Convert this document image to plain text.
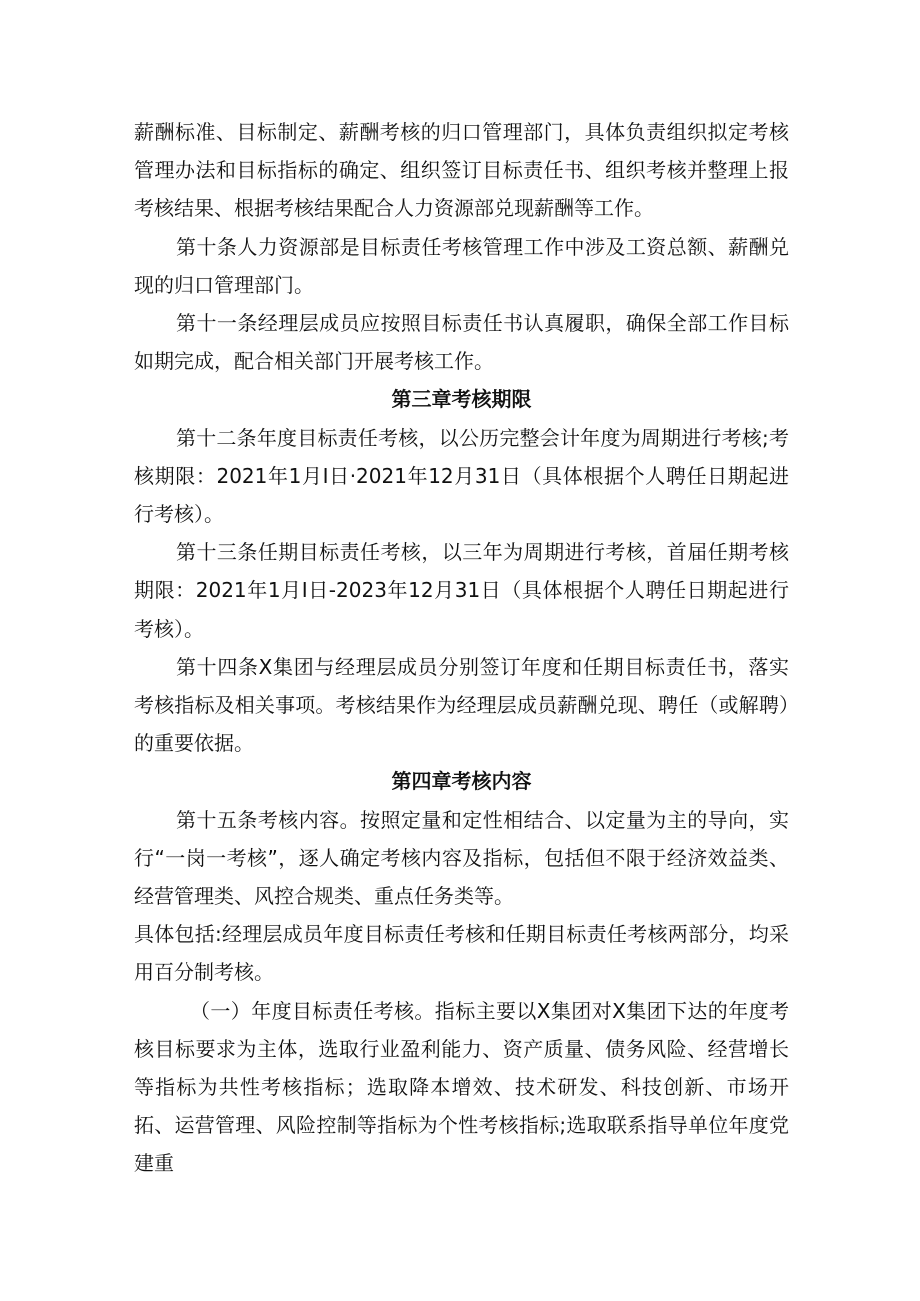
薪酬标准、目标制定、薪酬考核的归口管理部门，具体负责组织拟定考核管理办法和目标指标的确定、组织签订目标责任书、组织考核并整理上报考核结果、根据考核结果配合人力资源部兑现薪酬等工作。

第十条人力资源部是目标责任考核管理工作中涉及工资总额、薪酬兑现的归口管理部门。

第十一条经理层成员应按照目标责任书认真履职，确保全部工作目标如期完成，配合相关部门开展考核工作。

第三章考核期限

第十二条年度目标责任考核，以公历完整会计年度为周期进行考核;考核期限：2021年1月I日·2021年12月31日（具体根据个人聘任日期起进行考核）。

第十三条任期目标责任考核，以三年为周期进行考核，首届任期考核期限：2021年1月I日-2023年12月31日（具体根据个人聘任日期起进行考核）。

第十四条X集团与经理层成员分别签订年度和任期目标责任书，落实考核指标及相关事项。考核结果作为经理层成员薪酬兑现、聘任（或解聘）的重要依据。

第四章考核内容

第十五条考核内容。按照定量和定性相结合、以定量为主的导向，实行“一岗一考核”，逐人确定考核内容及指标，包括但不限于经济效益类、经营管理类、风控合规类、重点任务类等。

具体包括:经理层成员年度目标责任考核和任期目标责任考核两部分，均采用百分制考核。

（一）年度目标责任考核。指标主要以X集团对X集团下达的年度考核目标要求为主体，选取行业盈利能力、资产质量、债务风险、经营增长等指标为共性考核指标；选取降本增效、技术研发、科技创新、市场开拓、运营管理、风险控制等指标为个性考核指标;选取联系指导单位年度党建重
